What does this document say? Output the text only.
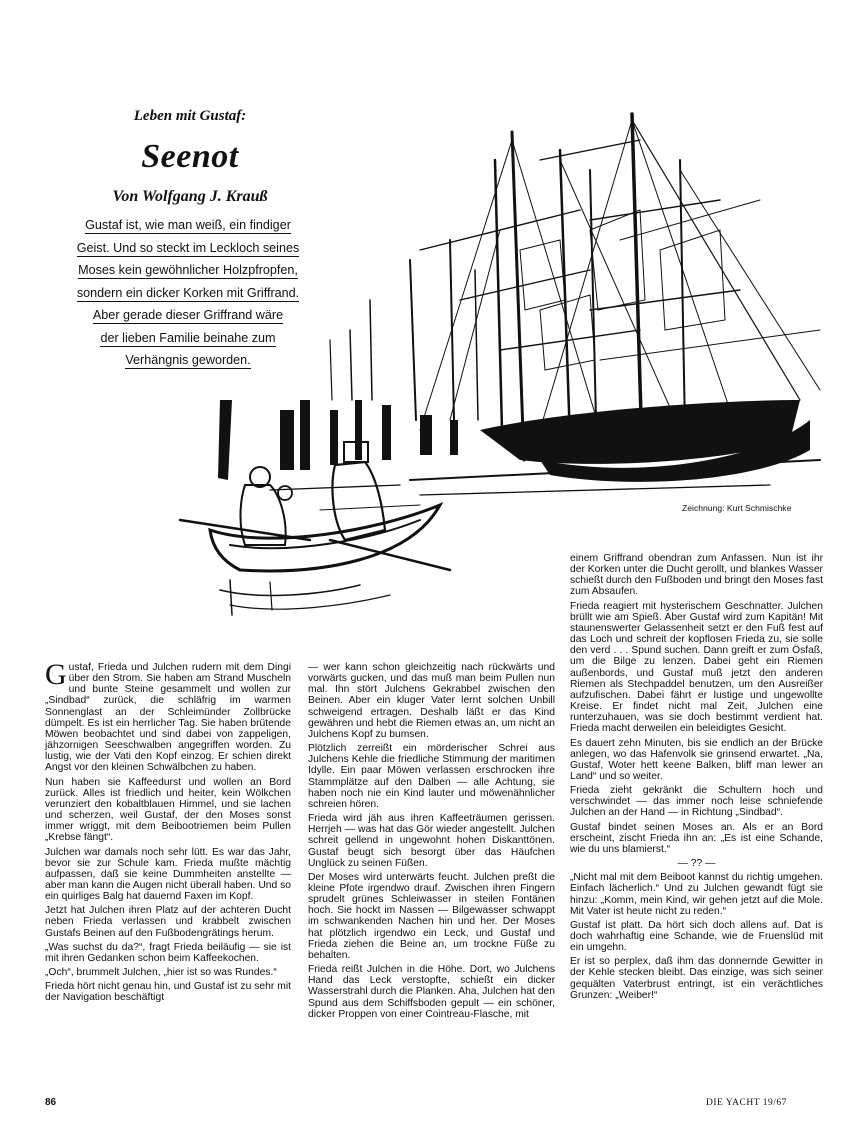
Leben mit Gustaf:
Seenot
Von Wolfgang J. Krauß
Gustaf ist, wie man weiß, ein findiger
Geist. Und so steckt im Leckloch seines
Moses kein gewöhnlicher Holzpfropfen,
sondern ein dicker Korken mit Griffrand.
Aber gerade dieser Griffrand wäre
der lieben Familie beinahe zum
Verhängnis geworden.
Zeichnung: Kurt Schmischke

Gustaf, Frieda und Julchen rudern mit dem Dingi über den Strom. Sie haben am Strand Muscheln und bunte Steine gesammelt und wollen zur „Sindbad“ zurück, die schläfrig im warmen Sonnenglast an der Schleimünder Zollbrücke dümpelt. Es ist ein herrlicher Tag. Sie haben brütende Möwen beobachtet und sind dabei von zappeligen, jähzornigen Seeschwalben angegriffen worden. Zu lustig, wie der Vati den Kopf einzog. Er schien direkt Angst vor den kleinen Schwälbchen zu haben.

Nun haben sie Kaffeedurst und wollen an Bord zurück. Alles ist friedlich und heiter, kein Wölkchen verunziert den kobaltblauen Himmel, und sie lachen und scherzen, weil Gustaf, der den Moses sonst immer wriggt, mit dem Beibootriemen beim Pullen „Krebse fängt“.

Julchen war damals noch sehr lütt. Es war das Jahr, bevor sie zur Schule kam. Frieda mußte mächtig aufpassen, daß sie keine Dummheiten anstellte — aber man kann die Augen nicht überall haben. Und so ein quirliges Balg hat dauernd Faxen im Kopf.

Jetzt hat Julchen ihren Platz auf der achteren Ducht neben Frieda verlassen und krabbelt zwischen Gustafs Beinen auf den Fußbodengrätings herum.

„Was suchst du da?“, fragt Frieda beiläufig — sie ist mit ihren Gedanken schon beim Kaffeekochen.

„Och“, brummelt Julchen, „hier ist so was Rundes.“

Frieda hört nicht genau hin, und Gustaf ist zu sehr mit der Navigation beschäftigt

— wer kann schon gleichzeitig nach rückwärts und vorwärts gucken, und das muß man beim Pullen nun mal. Ihn stört Julchens Gekrabbel zwischen den Beinen. Aber ein kluger Vater lernt solchen Unbill schweigend ertragen. Deshalb läßt er das Kind gewähren und hebt die Riemen etwas an, um nicht an Julchens Kopf zu bumsen.

Plötzlich zerreißt ein mörderischer Schrei aus Julchens Kehle die friedliche Stimmung der maritimen Idylle. Ein paar Möwen verlassen erschrocken ihre Stammplätze auf den Dalben — alle Achtung, sie haben noch nie ein Kind lauter und möwenähnlicher schreien hören.

Frieda wird jäh aus ihren Kaffeeträumen gerissen. Herrjeh — was hat das Gör wieder angestellt. Julchen schreit gellend in ungewohnt hohen Diskanttönen. Gustaf beugt sich besorgt über das Häufchen Unglück zu seinen Füßen.

Der Moses wird unterwärts feucht. Julchen preßt die kleine Pfote irgendwo drauf. Zwischen ihren Fingern sprudelt grünes Schleiwasser in steilen Fontänen hoch. Sie hockt im Nassen — Bilgewasser schwappt im schwankenden Nachen hin und her. Der Moses hat plötzlich irgendwo ein Leck, und Gustaf und Frieda ziehen die Beine an, um trockne Füße zu behalten.

Frieda reißt Julchen in die Höhe. Dort, wo Julchens Hand das Leck verstopfte, schießt ein dicker Wasserstrahl durch die Planken. Aha, Julchen hat den Spund aus dem Schiffsboden gepult — ein schöner, dicker Proppen von einer Cointreau-Flasche, mit

einem Griffrand obendran zum Anfassen. Nun ist ihr der Korken unter die Ducht gerollt, und blankes Wasser schießt durch den Fußboden und bringt den Moses fast zum Absaufen.

Frieda reagiert mit hysterischem Geschnatter. Julchen brüllt wie am Spieß. Aber Gustaf wird zum Kapitän! Mit staunenswerter Gelassenheit setzt er den Fuß fest auf das Loch und schreit der kopflosen Frieda zu, sie solle den verd . . . Spund suchen. Dann greift er zum Ösfaß, um die Bilge zu lenzen. Dabei geht ein Riemen außenbords, und Gustaf muß jetzt den anderen Riemen als Stechpaddel benutzen, um den Ausreißer aufzufischen. Dabei fährt er lustige und ungewollte Kreise. Er findet nicht mal Zeit, Julchen eine runterzuhauen, was sie doch bestimmt verdient hat. Frieda macht derweilen ein beleidigtes Gesicht.

Es dauert zehn Minuten, bis sie endlich an der Brücke anlegen, wo das Hafenvolk sie grinsend erwartet. „Na, Gustaf, Woter hett keene Balken, bliff man lewer an Land“ und so weiter.

Frieda zieht gekränkt die Schultern hoch und verschwindet — das immer noch leise schniefende Julchen an der Hand — in Richtung „Sindbad“.

Gustaf bindet seinen Moses an. Als er an Bord erscheint, zischt Frieda ihn an: „Es ist eine Schande, wie du uns blamierst.“

— ?? —

„Nicht mal mit dem Beiboot kannst du richtig umgehen. Einfach lächerlich.“ Und zu Julchen gewandt fügt sie hinzu: „Komm, mein Kind, wir gehen jetzt auf die Mole. Mit Vater ist heute nicht zu reden.“

Gustaf ist platt. Da hört sich doch allens auf. Dat is doch wahrhaftig eine Schande, wie de Fruenslüd mit ein umgehn.

Er ist so perplex, daß ihm das donnernde Gewitter in der Kehle stecken bleibt. Das einzige, was sich seiner gequälten Vaterbrust entringt, ist ein verächtliches Grunzen: „Weiber!“

86	DIE YACHT 19/67
